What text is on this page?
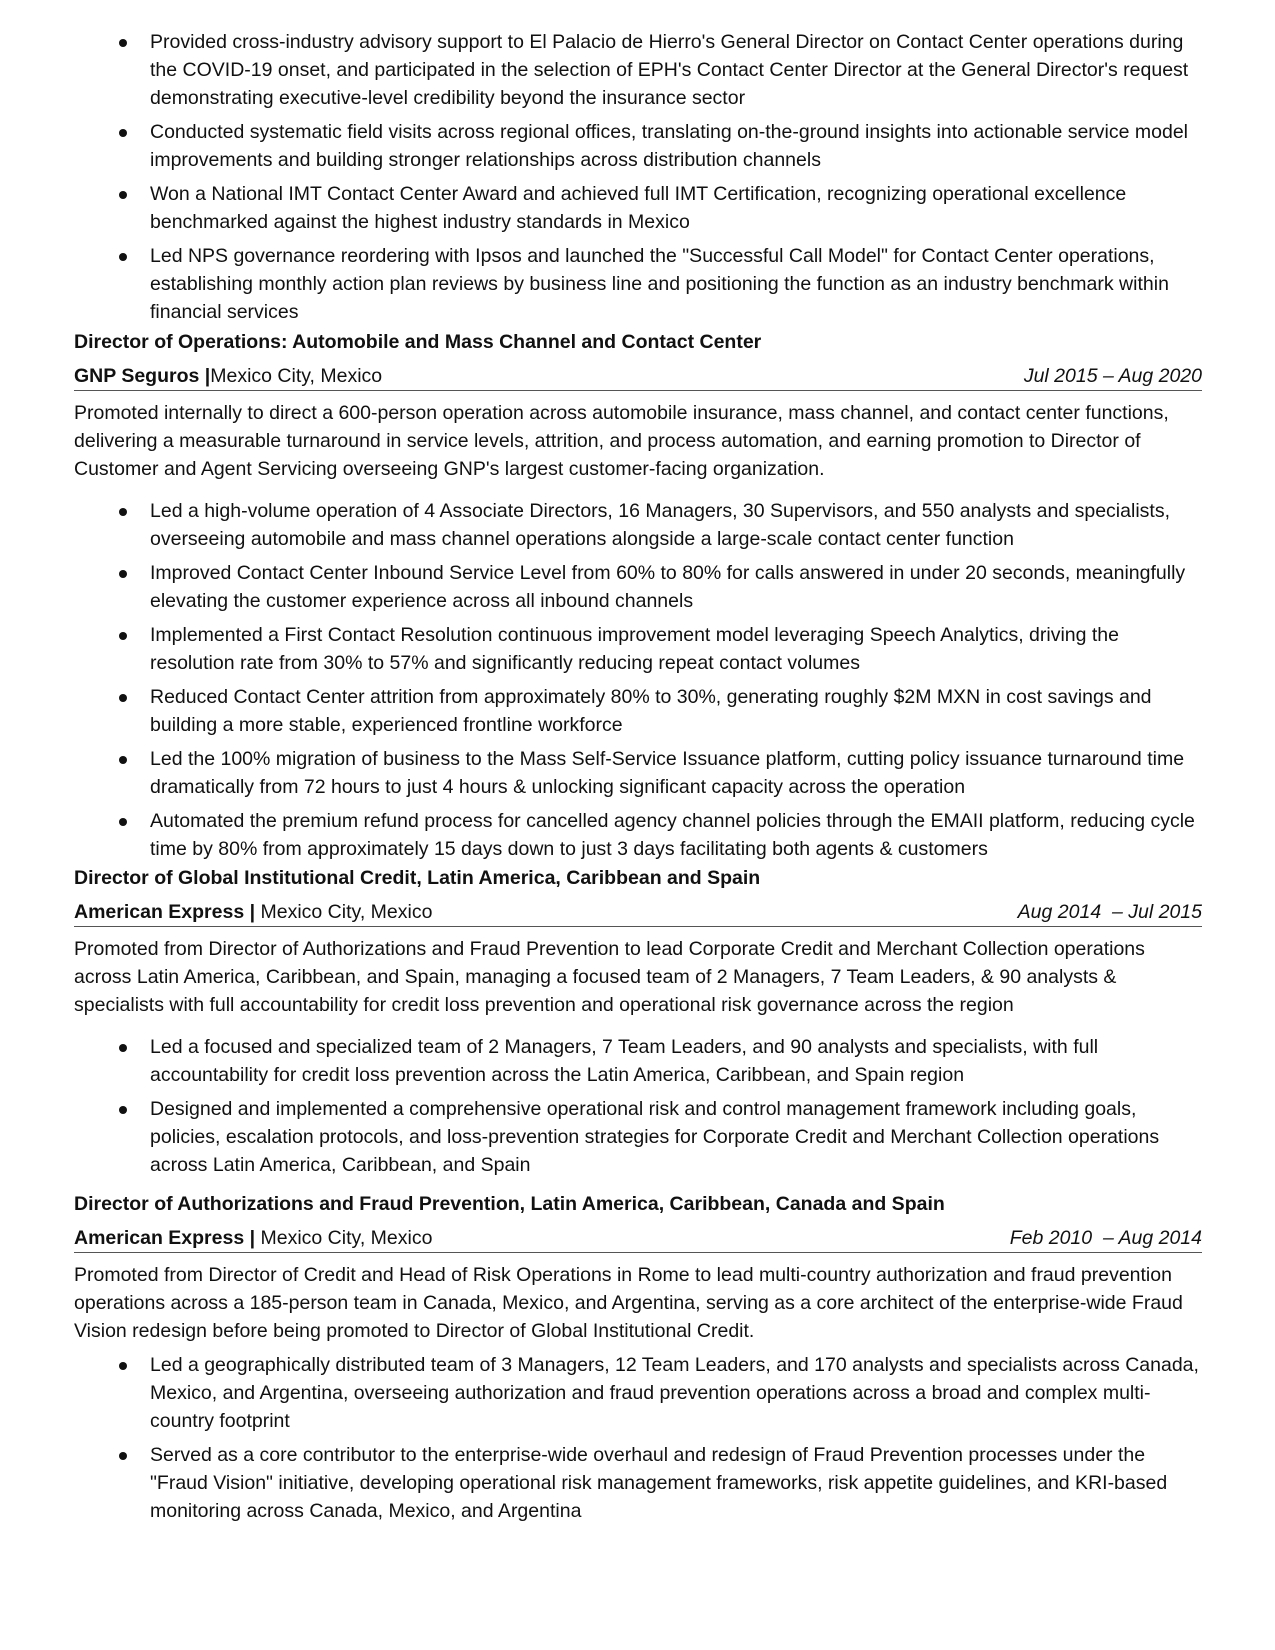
Provided cross-industry advisory support to El Palacio de Hierro's General Director on Contact Center operations during the COVID-19 onset, and participated in the selection of EPH's Contact Center Director at the General Director's request demonstrating executive-level credibility beyond the insurance sector
Conducted systematic field visits across regional offices, translating on-the-ground insights into actionable service model improvements and building stronger relationships across distribution channels
Won a National IMT Contact Center Award and achieved full IMT Certification, recognizing operational excellence benchmarked against the highest industry standards in Mexico
Led NPS governance reordering with Ipsos and launched the "Successful Call Model" for Contact Center operations, establishing monthly action plan reviews by business line and positioning the function as an industry benchmark within financial services
Director of Operations: Automobile and Mass Channel and Contact Center
GNP Seguros |Mexico City, Mexico	Jul 2015 – Aug 2020
Promoted internally to direct a 600-person operation across automobile insurance, mass channel, and contact center functions, delivering a measurable turnaround in service levels, attrition, and process automation, and earning promotion to Director of Customer and Agent Servicing overseeing GNP's largest customer-facing organization.
Led a high-volume operation of 4 Associate Directors, 16 Managers, 30 Supervisors, and 550 analysts and specialists, overseeing automobile and mass channel operations alongside a large-scale contact center function
Improved Contact Center Inbound Service Level from 60% to 80% for calls answered in under 20 seconds, meaningfully elevating the customer experience across all inbound channels
Implemented a First Contact Resolution continuous improvement model leveraging Speech Analytics, driving the resolution rate from 30% to 57% and significantly reducing repeat contact volumes
Reduced Contact Center attrition from approximately 80% to 30%, generating roughly $2M MXN in cost savings and building a more stable, experienced frontline workforce
Led the 100% migration of business to the Mass Self-Service Issuance platform, cutting policy issuance turnaround time dramatically from 72 hours to just 4 hours & unlocking significant capacity across the operation
Automated the premium refund process for cancelled agency channel policies through the EMAII platform, reducing cycle time by 80% from approximately 15 days down to just 3 days facilitating both agents & customers
Director of Global Institutional Credit, Latin America, Caribbean and Spain
American Express | Mexico City, Mexico	Aug 2014  – Jul 2015
Promoted from Director of Authorizations and Fraud Prevention to lead Corporate Credit and Merchant Collection operations across Latin America, Caribbean, and Spain, managing a focused team of 2 Managers, 7 Team Leaders, & 90 analysts & specialists with full accountability for credit loss prevention and operational risk governance across the region
Led a focused and specialized team of 2 Managers, 7 Team Leaders, and 90 analysts and specialists, with full accountability for credit loss prevention across the Latin America, Caribbean, and Spain region
Designed and implemented a comprehensive operational risk and control management framework including goals, policies, escalation protocols, and loss-prevention strategies for Corporate Credit and Merchant Collection operations across Latin America, Caribbean, and Spain
Director of Authorizations and Fraud Prevention, Latin America, Caribbean, Canada and Spain
American Express | Mexico City, Mexico	Feb 2010  – Aug 2014
Promoted from Director of Credit and Head of Risk Operations in Rome to lead multi-country authorization and fraud prevention operations across a 185-person team in Canada, Mexico, and Argentina, serving as a core architect of the enterprise-wide Fraud Vision redesign before being promoted to Director of Global Institutional Credit.
Led a geographically distributed team of 3 Managers, 12 Team Leaders, and 170 analysts and specialists across Canada, Mexico, and Argentina, overseeing authorization and fraud prevention operations across a broad and complex multi-country footprint
Served as a core contributor to the enterprise-wide overhaul and redesign of Fraud Prevention processes under the "Fraud Vision" initiative, developing operational risk management frameworks, risk appetite guidelines, and KRI-based monitoring across Canada, Mexico, and Argentina
